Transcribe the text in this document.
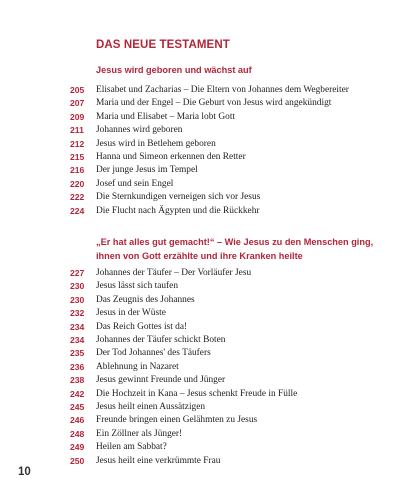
DAS NEUE TESTAMENT
Jesus wird geboren und wächst auf
205	Elisabet und Zacharias – Die Eltern von Johannes dem Wegbereiter
207	Maria und der Engel – Die Geburt von Jesus wird angekündigt
209	Maria und Elisabet – Maria lobt Gott
211	Johannes wird geboren
212	Jesus wird in Betlehem geboren
215	Hanna und Simeon erkennen den Retter
216	Der junge Jesus im Tempel
220	Josef und sein Engel
222	Die Sternkundigen verneigen sich vor Jesus
224	Die Flucht nach Ägypten und die Rückkehr
„Er hat alles gut gemacht!“ – Wie Jesus zu den Menschen ging, ihnen von Gott erzählte und ihre Kranken heilte
227	Johannes der Täufer – Der Vorläufer Jesu
230	Jesus lässt sich taufen
230	Das Zeugnis des Johannes
232	Jesus in der Wüste
234	Das Reich Gottes ist da!
234	Johannes der Täufer schickt Boten
235	Der Tod Johannes' des Täufers
236	Ablehnung in Nazaret
238	Jesus gewinnt Freunde und Jünger
242	Die Hochzeit in Kana – Jesus schenkt Freude in Fülle
245	Jesus heilt einen Aussätzigen
246	Freunde bringen einen Gelähmten zu Jesus
248	Ein Zöllner als Jünger!
249	Heilen am Sabbat?
250	Jesus heilt eine verkrümmte Frau
10
